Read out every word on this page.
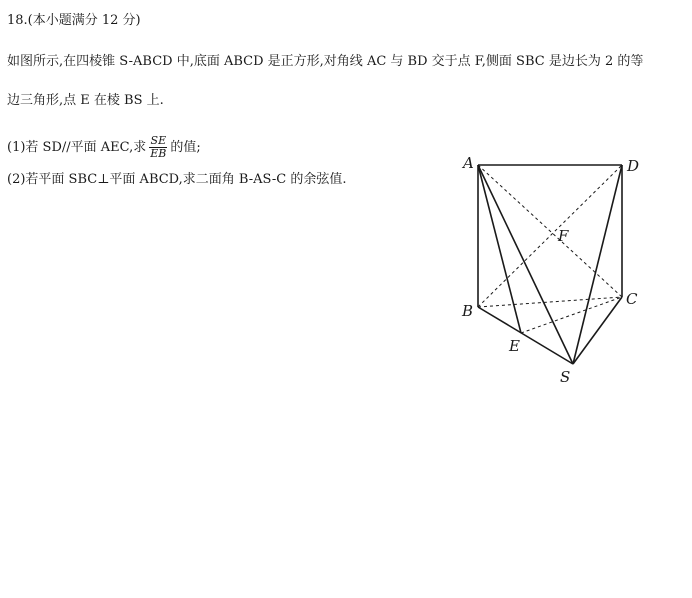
18.(本小题满分 12 分)
如图所示,在四棱锥 S-ABCD 中,底面 ABCD 是正方形,对角线 AC 与 BD 交于点 F,侧面 SBC 是边长为 2 的等
边三角形,点 E 在棱 BS 上.
(1)若 SD//平面 AEC,求 $\frac{SE}{EB}$ 的值;
(2)若平面 SBC⊥平面 ABCD,求二面角 B-AS-C 的余弦值.
A	D
F
B
C
E
S
